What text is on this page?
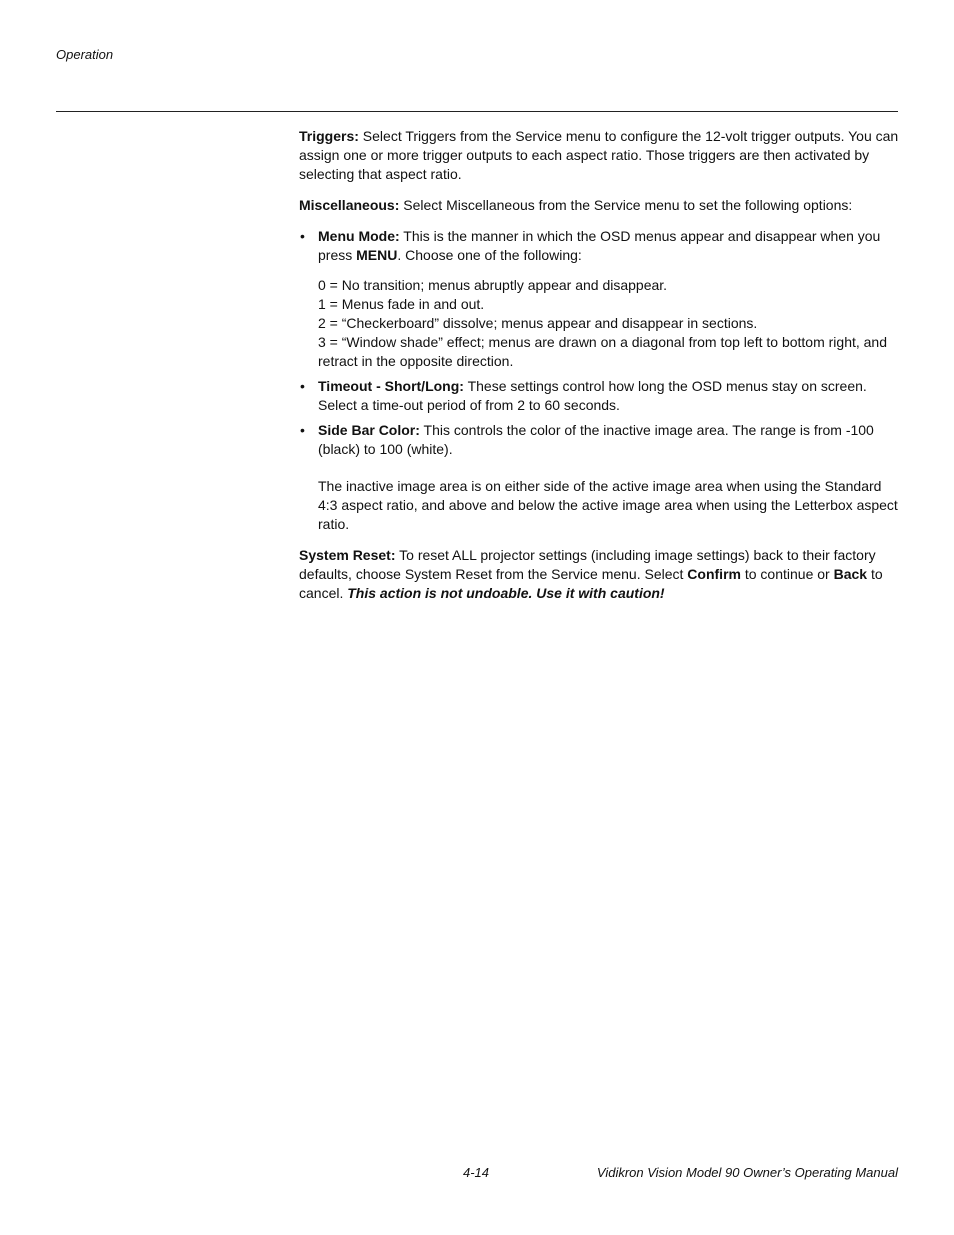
Operation

Triggers: Select Triggers from the Service menu to configure the 12-volt trigger outputs. You can assign one or more trigger outputs to each aspect ratio. Those triggers are then activated by selecting that aspect ratio.

Miscellaneous: Select Miscellaneous from the Service menu to set the following options:

• Menu Mode: This is the manner in which the OSD menus appear and disappear when you press MENU. Choose one of the following:

0 = No transition; menus abruptly appear and disappear.

1 = Menus fade in and out.

2 = “Checkerboard” dissolve; menus appear and disappear in sections.

3 = “Window shade” effect; menus are drawn on a diagonal from top left to bottom right, and retract in the opposite direction.

• Timeout - Short/Long: These settings control how long the OSD menus stay on screen. Select a time-out period of from 2 to 60 seconds.

• Side Bar Color: This controls the color of the inactive image area. The range is from -100 (black) to 100 (white).

The inactive image area is on either side of the active image area when using the Standard 4:3 aspect ratio, and above and below the active image area when using the Letterbox aspect ratio.

System Reset: To reset ALL projector settings (including image settings) back to their factory defaults, choose System Reset from the Service menu. Select Confirm to continue or Back to cancel. This action is not undoable. Use it with caution!

4-14	Vidikron Vision Model 90 Owner’s Operating Manual
